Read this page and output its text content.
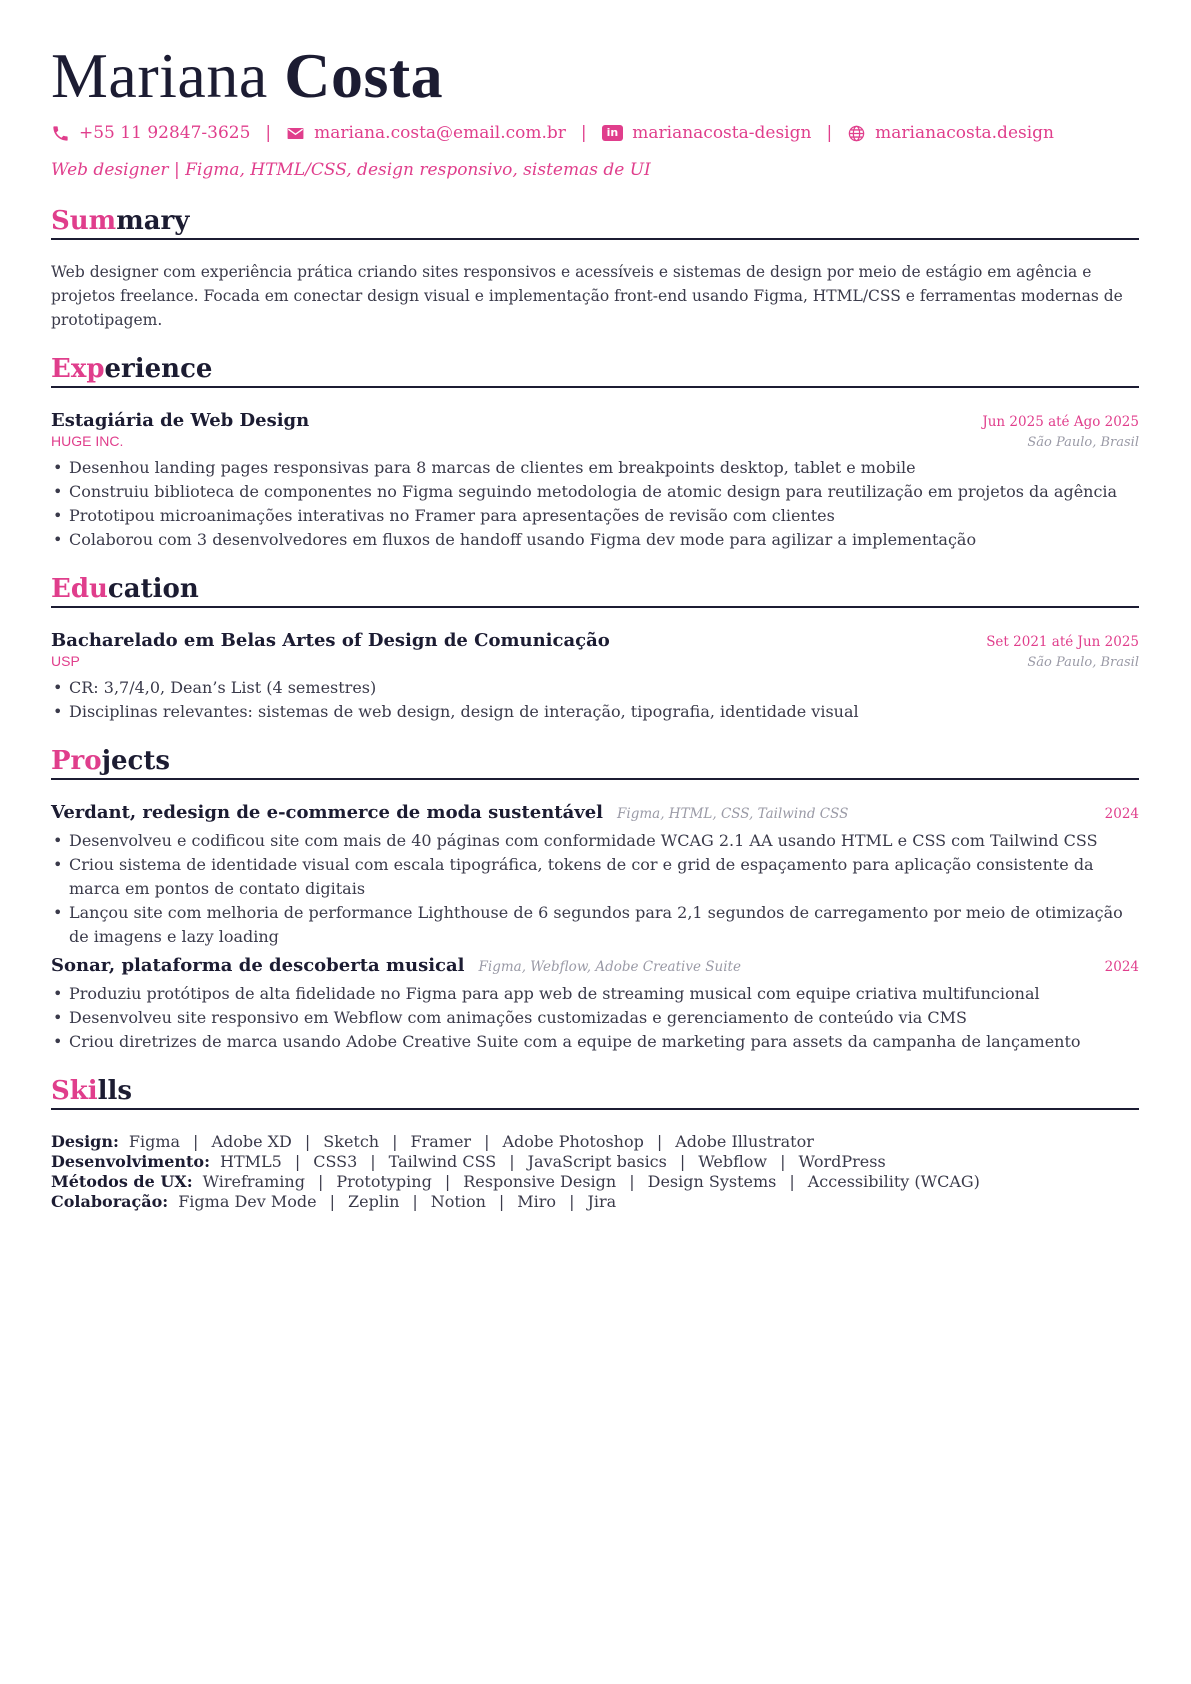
Mariana Costa
+55 11 92847-3625 |	mariana.costa@email.com.br |	in marianacosta-design |	marianacosta.design
Web designer | Figma, HTML/CSS, design responsivo, sistemas de UI
Summary
Web designer com experiência prática criando sites responsivos e acessíveis e sistemas de design por meio de estágio em agência e projetos freelance. Focada em conectar design visual e implementação front-end usando Figma, HTML/CSS e ferramentas modernas de prototipagem.
Experience
Estagiária de Web Design	Jun 2025 até Ago 2025
HUGE INC.	São Paulo, Brasil
• Desenhou landing pages responsivas para 8 marcas de clientes em breakpoints desktop, tablet e mobile
• Construiu biblioteca de componentes no Figma seguindo metodologia de atomic design para reutilização em projetos da agência
• Prototipou microanimações interativas no Framer para apresentações de revisão com clientes
• Colaborou com 3 desenvolvedores em fluxos de handoff usando Figma dev mode para agilizar a implementação
Education
Bacharelado em Belas Artes of Design de Comunicação	Set 2021 até Jun 2025
USP	São Paulo, Brasil
• CR: 3,7/4,0, Dean’s List (4 semestres)
• Disciplinas relevantes: sistemas de web design, design de interação, tipografia, identidade visual
Projects
Verdant, redesign de e-commerce de moda sustentável Figma, HTML, CSS, Tailwind CSS	2024
• Desenvolveu e codificou site com mais de 40 páginas com conformidade WCAG 2.1 AA usando HTML e CSS com Tailwind CSS
• Criou sistema de identidade visual com escala tipográfica, tokens de cor e grid de espaçamento para aplicação consistente da marca em pontos de contato digitais
• Lançou site com melhoria de performance Lighthouse de 6 segundos para 2,1 segundos de carregamento por meio de otimização de imagens e lazy loading
Sonar, plataforma de descoberta musical Figma, Webflow, Adobe Creative Suite	2024
• Produziu protótipos de alta fidelidade no Figma para app web de streaming musical com equipe criativa multifuncional
• Desenvolveu site responsivo em Webflow com animações customizadas e gerenciamento de conteúdo via CMS
• Criou diretrizes de marca usando Adobe Creative Suite com a equipe de marketing para assets da campanha de lançamento
Skills
Design: Figma | Adobe XD | Sketch | Framer | Adobe Photoshop | Adobe Illustrator
Desenvolvimento: HTML5 | CSS3 | Tailwind CSS | JavaScript basics | Webflow | WordPress
Métodos de UX: Wireframing | Prototyping | Responsive Design | Design Systems | Accessibility (WCAG)
Colaboração: Figma Dev Mode | Zeplin | Notion | Miro | Jira
